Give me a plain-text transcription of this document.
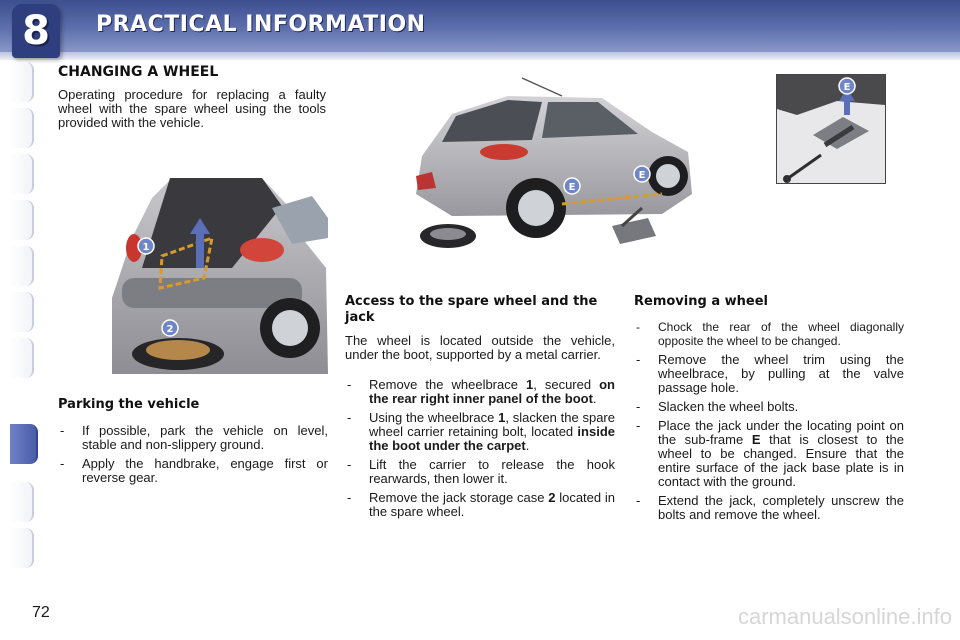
8	PRACTICAL INFORMATION
CHANGING A WHEEL

Operating procedure for replacing a faulty wheel with the spare wheel using the tools provided with the vehicle.

1
2
E
E
E
Parking the vehicle
- If possible, park the vehicle on level, stable and non-slippery ground.
- Apply the handbrake, engage first or reverse gear.
Access to the spare wheel and the jack

The wheel is located outside the vehicle, under the boot, supported by a metal carrier.

- Remove the wheelbrace 1, secured on the rear right inner panel of the boot.
- Using the wheelbrace 1, slacken the spare wheel carrier retaining bolt, located inside the boot under the carpet.
- Lift the carrier to release the hook rearwards, then lower it.
- Remove the jack storage case 2 located in the spare wheel.
Removing a wheel
- Chock the rear of the wheel diagonally opposite the wheel to be changed.
- Remove the wheel trim using the wheelbrace, by pulling at the valve passage hole.
- Slacken the wheel bolts.
- Place the jack under the locating point on the sub-frame E that is closest to the wheel to be changed. Ensure that the entire surface of the jack base plate is in contact with the ground.
- Extend the jack, completely unscrew the bolts and remove the wheel.
72	carmanualsonline.info
